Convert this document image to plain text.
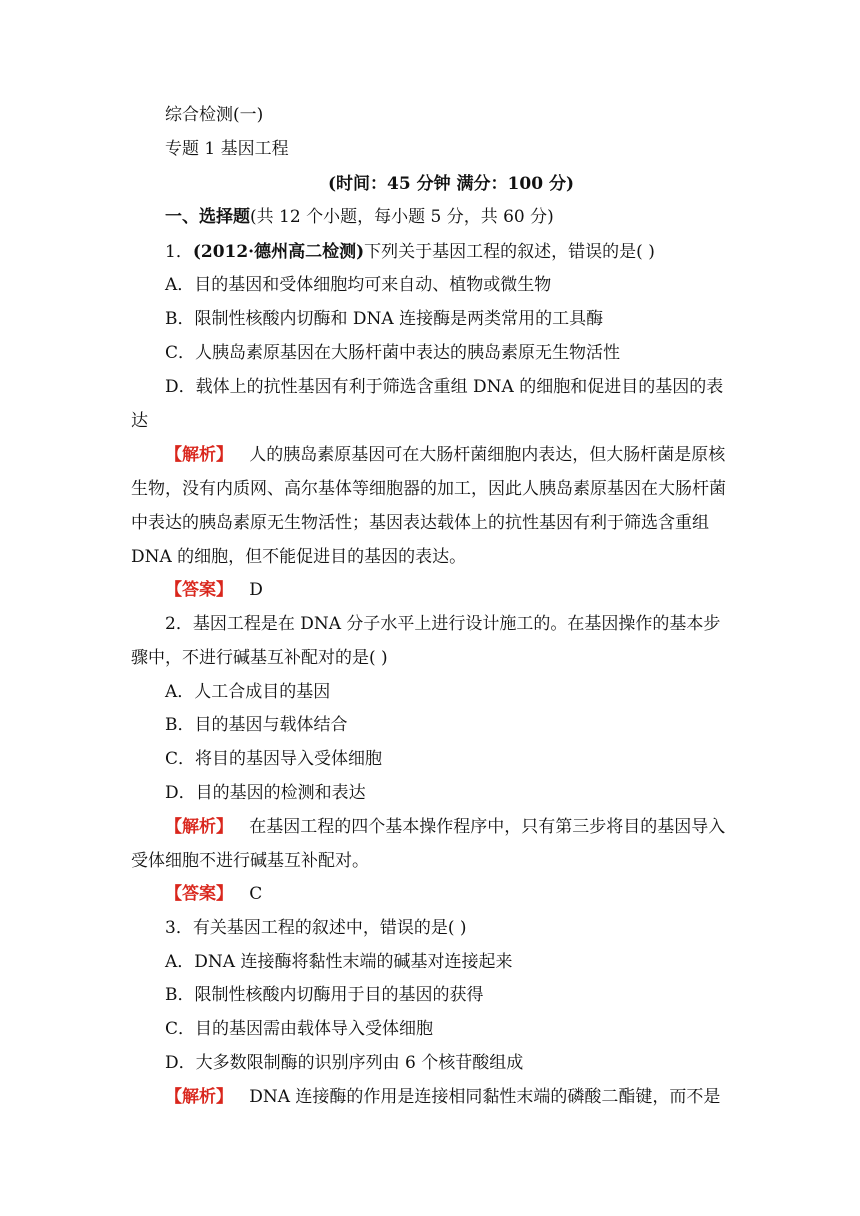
综合检测(一)
专题 1 基因工程
(时间：45 分钟 满分：100 分)
一、选择题(共 12 个小题，每小题 5 分，共 60 分)
1．(2012·德州高二检测)下列关于基因工程的叙述，错误的是( )
A．目的基因和受体细胞均可来自动、植物或微生物
B．限制性核酸内切酶和 DNA 连接酶是两类常用的工具酶
C．人胰岛素原基因在大肠杆菌中表达的胰岛素原无生物活性
D．载体上的抗性基因有利于筛选含重组 DNA 的细胞和促进目的基因的表
达
【解析】 人的胰岛素原基因可在大肠杆菌细胞内表达，但大肠杆菌是原核
生物，没有内质网、高尔基体等细胞器的加工，因此人胰岛素原基因在大肠杆菌
中表达的胰岛素原无生物活性；基因表达载体上的抗性基因有利于筛选含重组
DNA 的细胞，但不能促进目的基因的表达。
【答案】 D
2．基因工程是在 DNA 分子水平上进行设计施工的。在基因操作的基本步
骤中，不进行碱基互补配对的是( )
A．人工合成目的基因
B．目的基因与载体结合
C．将目的基因导入受体细胞
D．目的基因的检测和表达
【解析】 在基因工程的四个基本操作程序中，只有第三步将目的基因导入
受体细胞不进行碱基互补配对。
【答案】 C
3．有关基因工程的叙述中，错误的是( )
A．DNA 连接酶将黏性末端的碱基对连接起来
B．限制性核酸内切酶用于目的基因的获得
C．目的基因需由载体导入受体细胞
D．大多数限制酶的识别序列由 6 个核苷酸组成
【解析】 DNA 连接酶的作用是连接相同黏性末端的磷酸二酯键，而不是
